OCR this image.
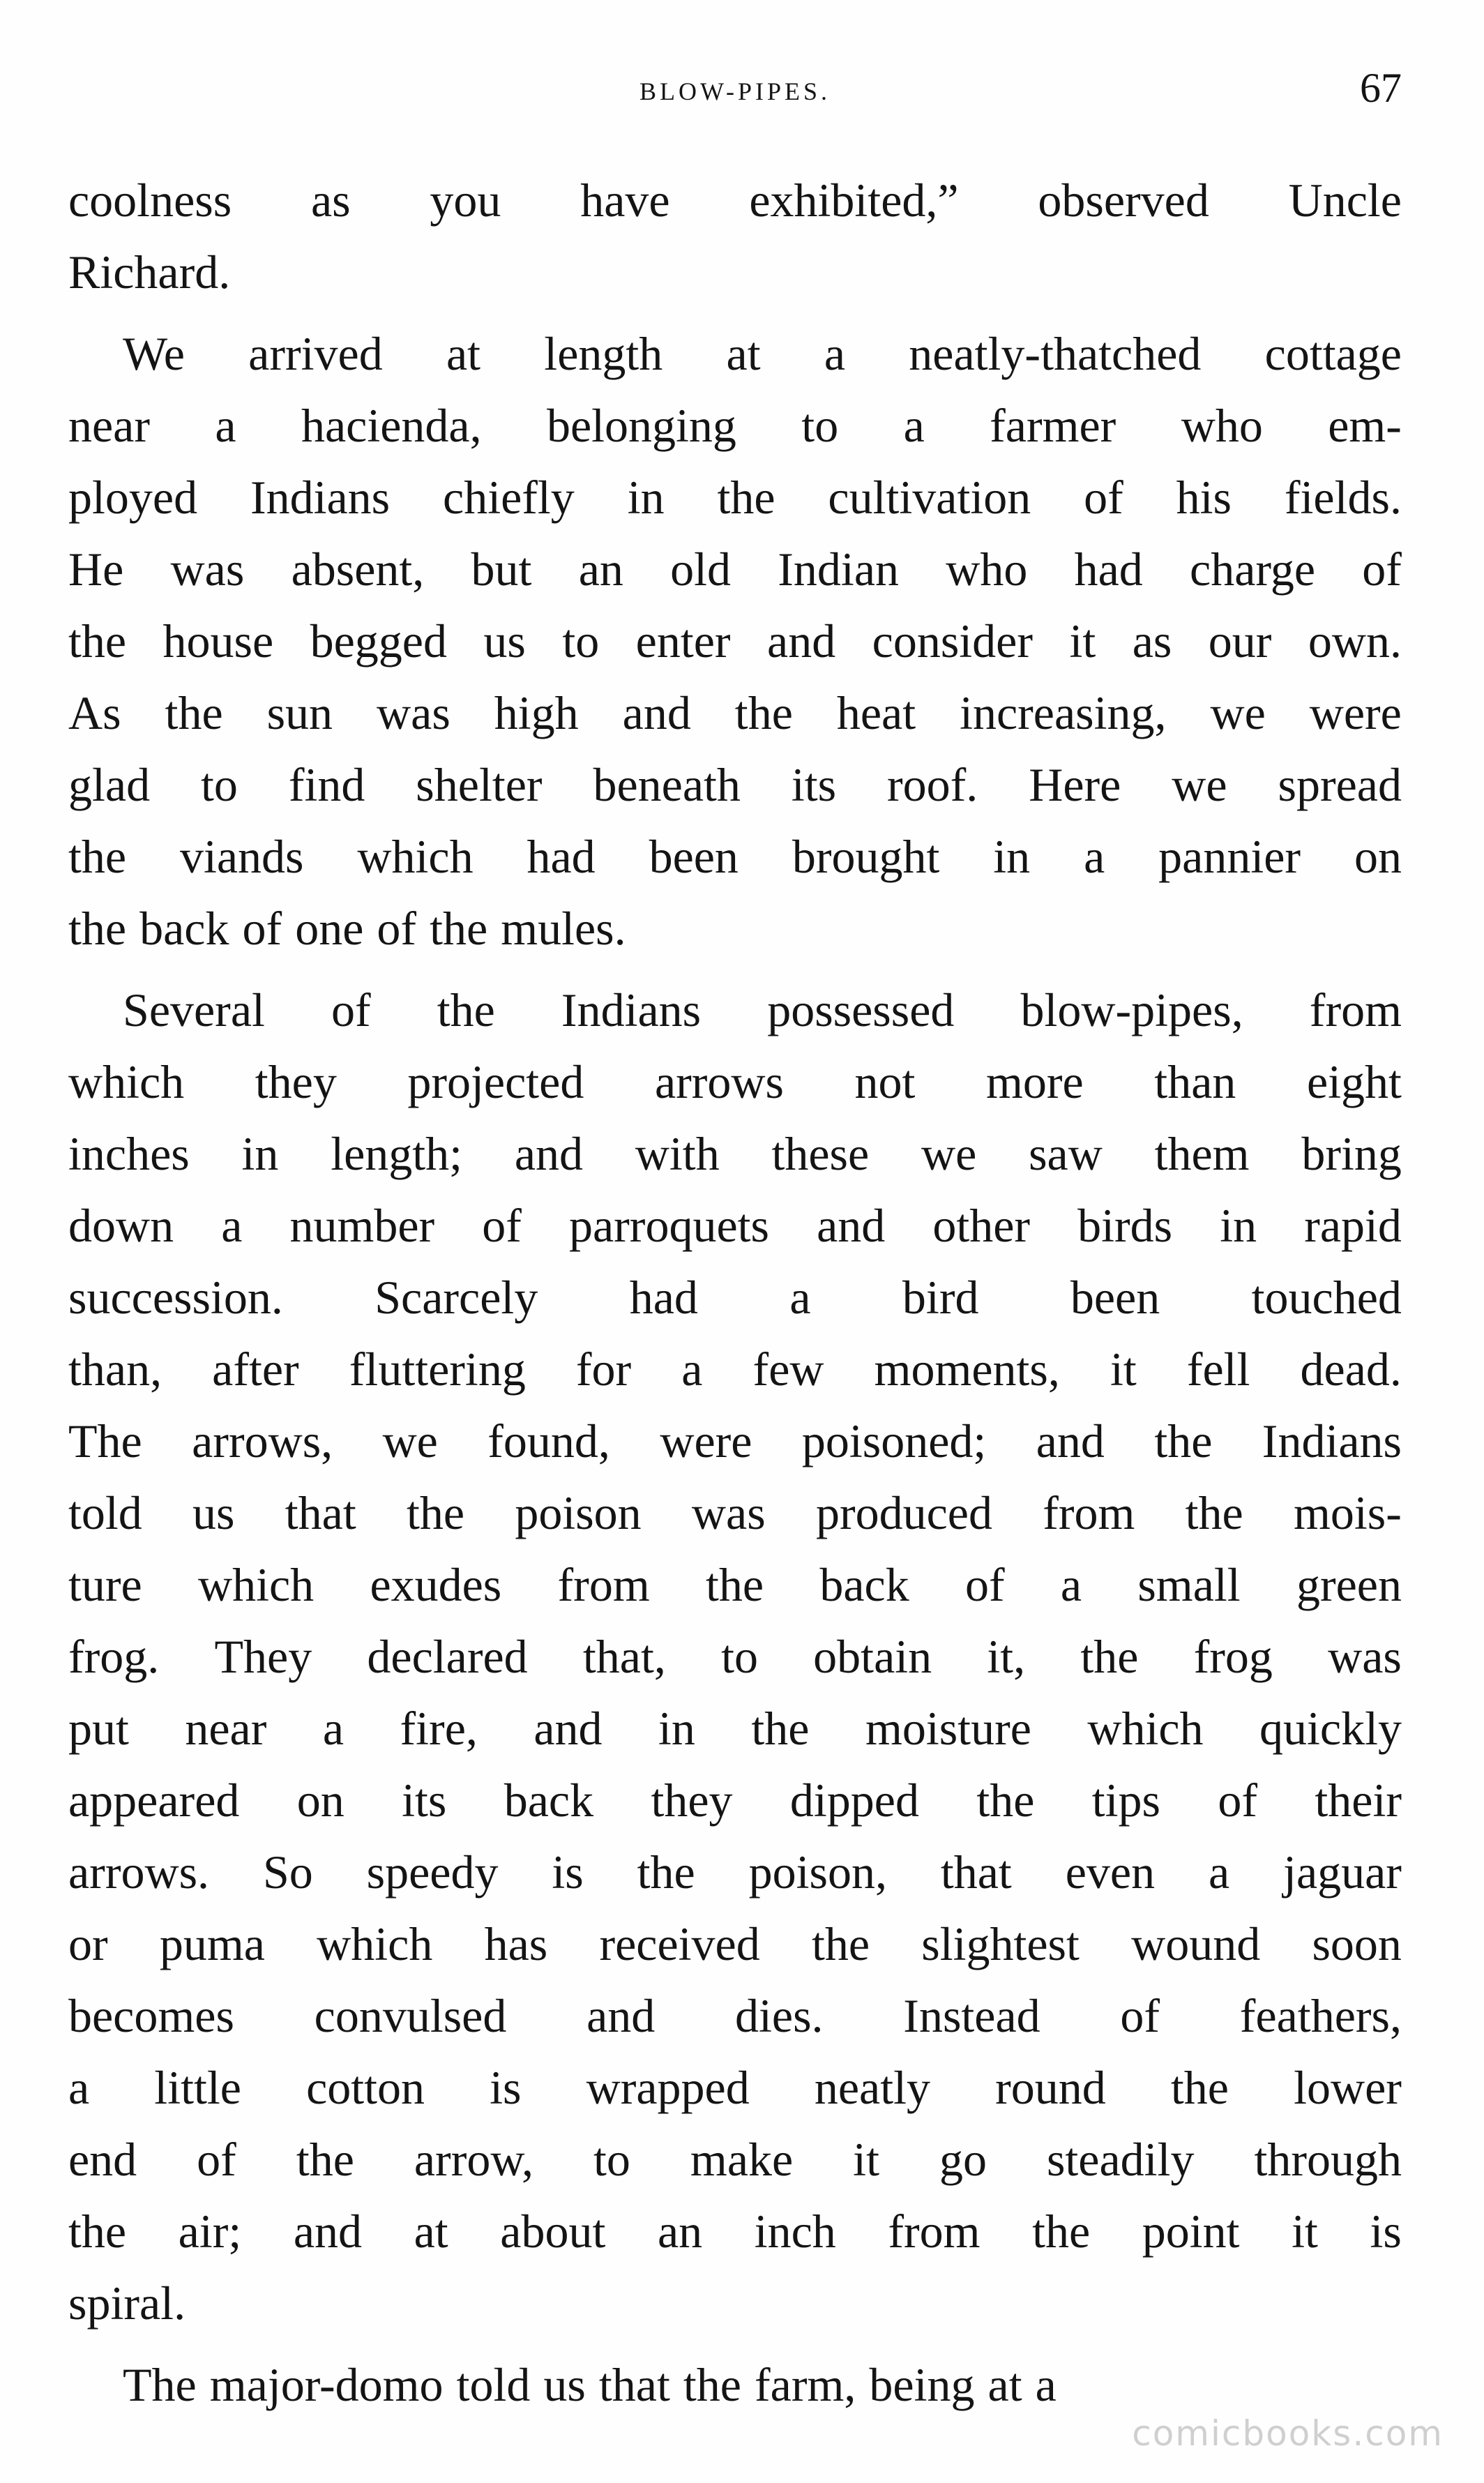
BLOW-PIPES.	67
coolness as you have exhibited,” observed Uncle
Richard.
We arrived at length at a neatly-thatched cottage
near a hacienda, belonging to a farmer who em-
ployed Indians chiefly in the cultivation of his fields.
He was absent, but an old Indian who had charge of
the house begged us to enter and consider it as our own.
As the sun was high and the heat increasing, we were
glad to find shelter beneath its roof. Here we spread
the viands which had been brought in a pannier on
the back of one of the mules.
Several of the Indians possessed blow-pipes, from
which they projected arrows not more than eight
inches in length; and with these we saw them bring
down a number of parroquets and other birds in rapid
succession. Scarcely had a bird been touched
than, after fluttering for a few moments, it fell dead.
The arrows, we found, were poisoned; and the Indians
told us that the poison was produced from the mois-
ture which exudes from the back of a small green
frog. They declared that, to obtain it, the frog was
put near a fire, and in the moisture which quickly
appeared on its back they dipped the tips of their
arrows. So speedy is the poison, that even a jaguar
or puma which has received the slightest wound soon
becomes convulsed and dies. Instead of feathers,
a little cotton is wrapped neatly round the lower
end of the arrow, to make it go steadily through
the air; and at about an inch from the point it is
spiral.
The major-domo told us that the farm, being at a
comicbooks.com
